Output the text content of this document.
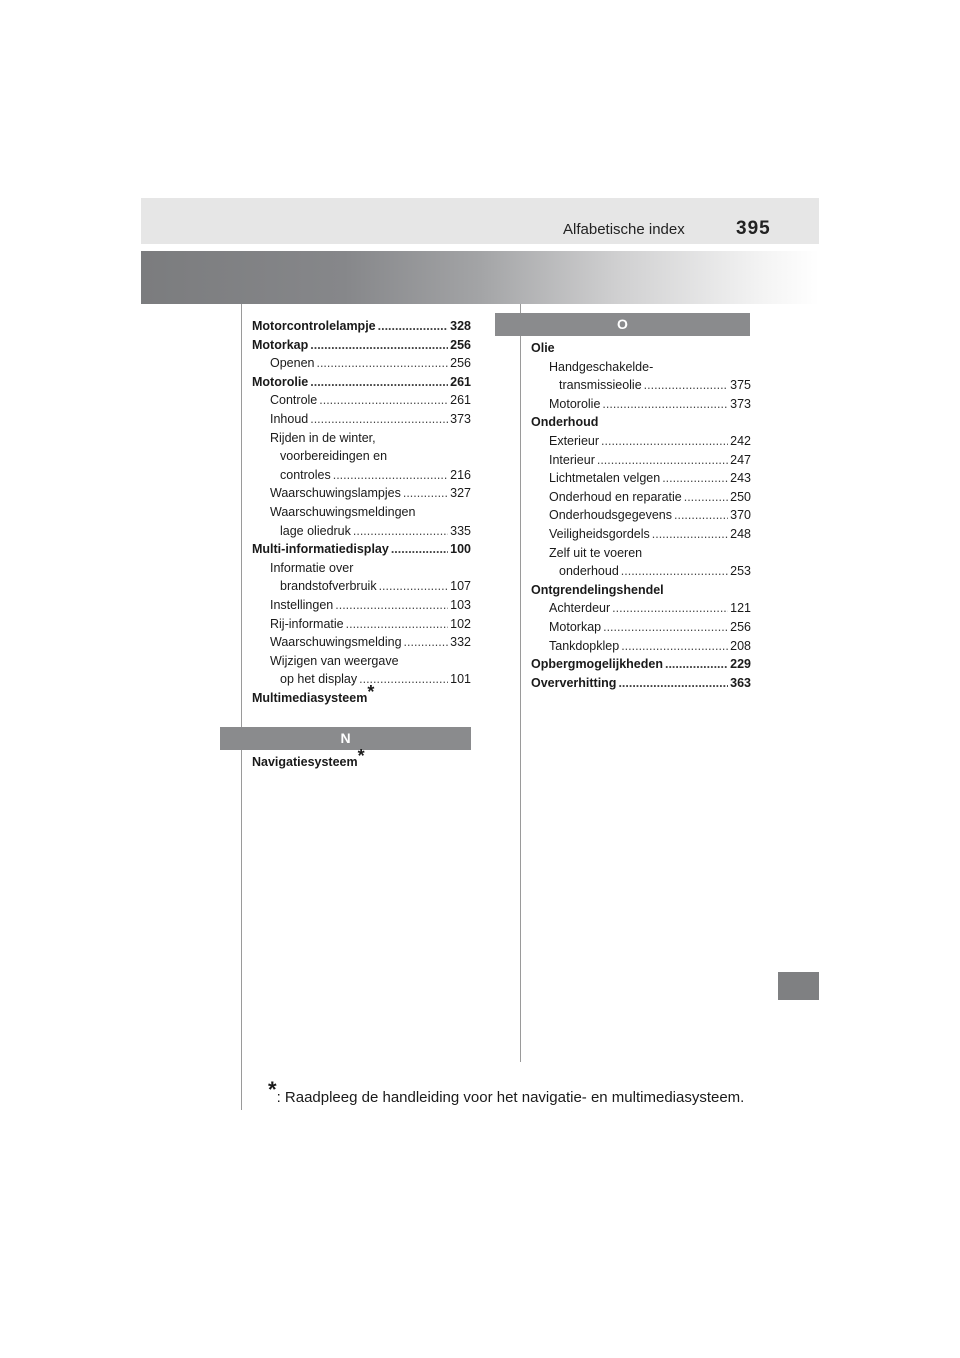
Alfabetische index	395
Motorcontrolelampje .....	328
Motorkap .....	256
Openen .....	256
Motorolie .....	261
Controle .....	261
Inhoud .....	373
Rijden in de winter,
voorbereidingen en
controles .....	216
Waarschuwingslampjes .....	327
Waarschuwingsmeldingen
lage oliedruk .....	335
Multi-informatiedisplay .....	100
Informatie over
brandstofverbruik .....	107
Instellingen .....	103
Rij-informatie .....	102
Waarschuwingsmelding .....	332
Wijzigen van weergave
op het display .....	101
Multimediasysteem*
N
Navigatiesysteem*
O
Olie
Handgeschakelde-
transmissieolie .....	375
Motorolie .....	373
Onderhoud
Exterieur .....	242
Interieur .....	247
Lichtmetalen velgen .....	243
Onderhoud en reparatie .....	250
Onderhoudsgegevens .....	370
Veiligheidsgordels .....	248
Zelf uit te voeren
onderhoud .....	253
Ontgrendelingshendel
Achterdeur .....	121
Motorkap .....	256
Tankdopklep .....	208
Opbergmogelijkheden .....	229
Oververhitting .....	363
*: Raadpleeg de handleiding voor het navigatie- en multimediasysteem.
